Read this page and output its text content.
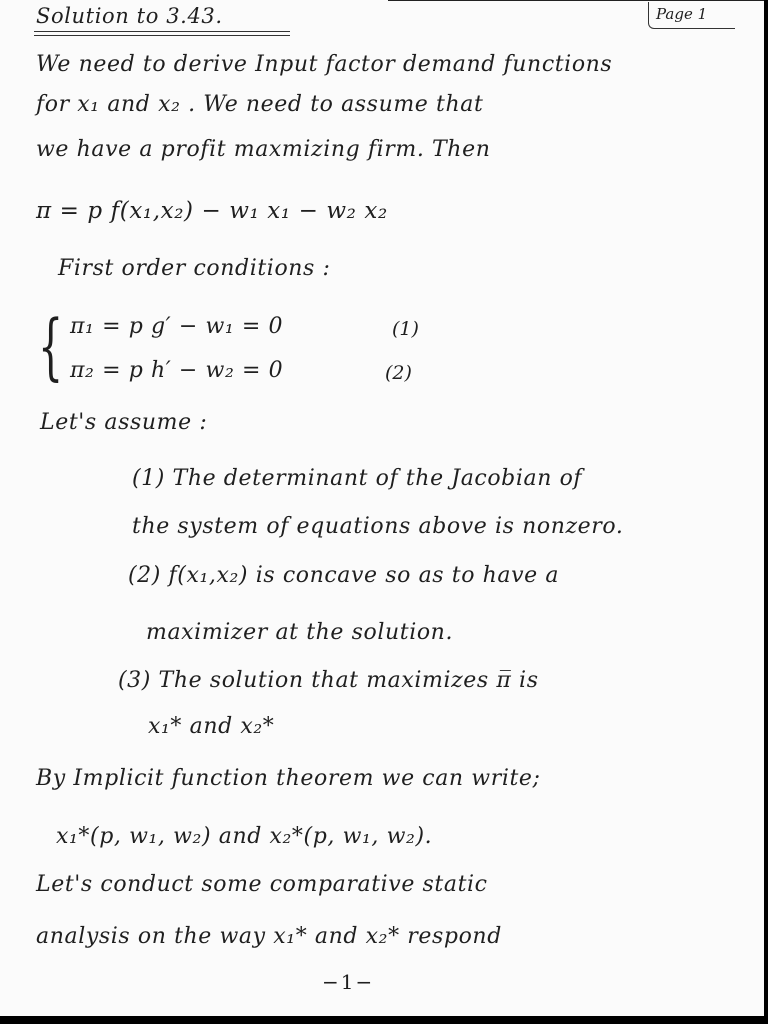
Solution to 3.43.	Page 1
We need to derive Input factor demand functions
for x₁ and x₂ . We need to assume that
we have a profit maxmizing firm. Then
π = p f(x₁,x₂) − w₁ x₁ − w₂ x₂
First order conditions :
{ π₁ = p g′ − w₁ = 0	(1)
π₂ = p h′ − w₂ = 0	(2)
Let's assume :
(1) The determinant of the Jacobian of
the system of equations above is nonzero.
(2) f(x₁,x₂) is concave so as to have a
maximizer at the solution.
(3) The solution that maximizes π̅ is
x₁* and x₂*
By Implicit function theorem we can write;
x₁*(p, w₁, w₂) and x₂*(p, w₁, w₂).
Let's conduct some comparative static
analysis on the way x₁* and x₂* respond
−1−
